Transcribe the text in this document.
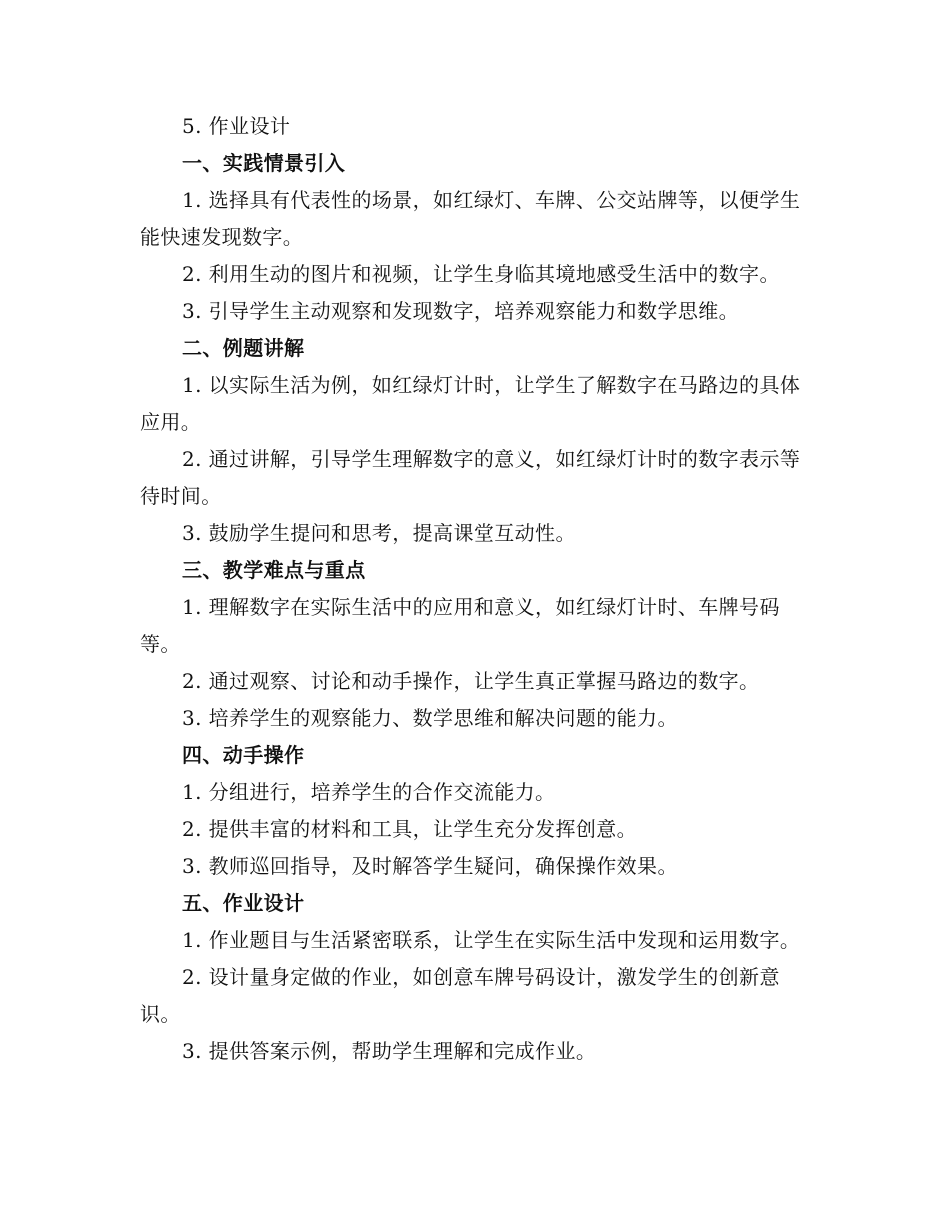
5. 作业设计
一、实践情景引入

1. 选择具有代表性的场景，如红绿灯、车牌、公交站牌等，以便学生能快速发现数字。

2. 利用生动的图片和视频，让学生身临其境地感受生活中的数字。

3. 引导学生主动观察和发现数字，培养观察能力和数学思维。

二、例题讲解

1. 以实际生活为例，如红绿灯计时，让学生了解数字在马路边的具体应用。

2. 通过讲解，引导学生理解数字的意义，如红绿灯计时的数字表示等待时间。

3. 鼓励学生提问和思考，提高课堂互动性。

三、教学难点与重点

1. 理解数字在实际生活中的应用和意义，如红绿灯计时、车牌号码等。

2. 通过观察、讨论和动手操作，让学生真正掌握马路边的数字。

3. 培养学生的观察能力、数学思维和解决问题的能力。

四、动手操作

1. 分组进行，培养学生的合作交流能力。

2. 提供丰富的材料和工具，让学生充分发挥创意。

3. 教师巡回指导，及时解答学生疑问，确保操作效果。

五、作业设计

1. 作业题目与生活紧密联系，让学生在实际生活中发现和运用数字。

2. 设计量身定做的作业，如创意车牌号码设计，激发学生的创新意识。

3. 提供答案示例，帮助学生理解和完成作业。
